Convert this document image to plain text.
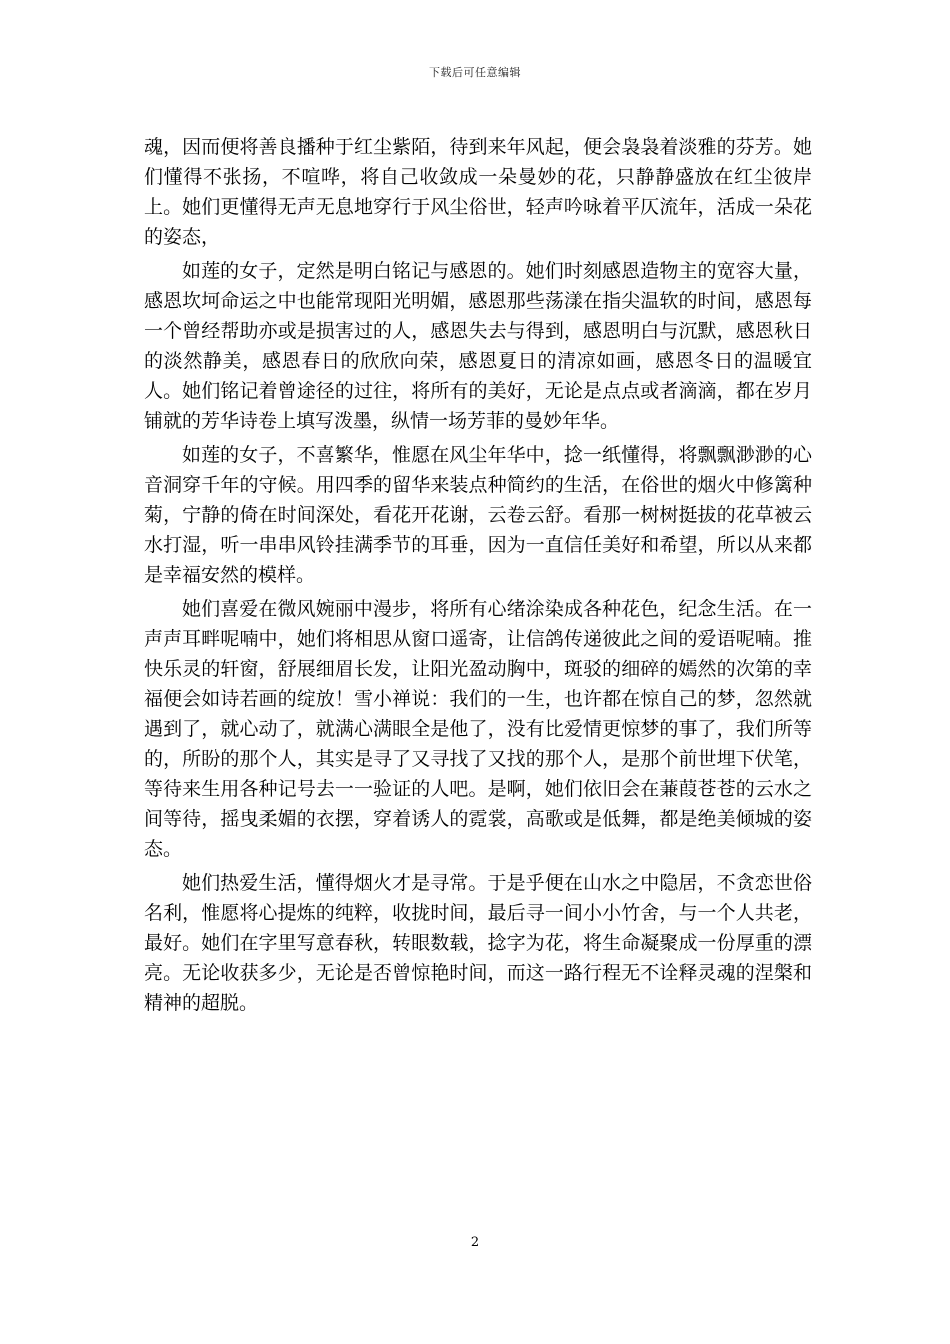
下载后可任意编辑

魂，因而便将善良播种于红尘紫陌，待到来年风起，便会袅袅着淡雅的芬芳。她们懂得不张扬，不喧哗，将自己收敛成一朵曼妙的花，只静静盛放在红尘彼岸上。她们更懂得无声无息地穿行于风尘俗世，轻声吟咏着平仄流年，活成一朵花的姿态，

如莲的女子，定然是明白铭记与感恩的。她们时刻感恩造物主的宽容大量，感恩坎坷命运之中也能常现阳光明媚，感恩那些荡漾在指尖温软的时间，感恩每一个曾经帮助亦或是损害过的人，感恩失去与得到，感恩明白与沉默，感恩秋日的淡然静美，感恩春日的欣欣向荣，感恩夏日的清凉如画，感恩冬日的温暖宜人。她们铭记着曾途径的过往，将所有的美好，无论是点点或者滴滴，都在岁月铺就的芳华诗卷上填写泼墨，纵情一场芳菲的曼妙年华。

如莲的女子，不喜繁华，惟愿在风尘年华中，捻一纸懂得，将飘飘渺渺的心音洞穿千年的守候。用四季的留华来装点种简约的生活，在俗世的烟火中修篱种菊，宁静的倚在时间深处，看花开花谢，云卷云舒。看那一树树挺拔的花草被云水打湿，听一串串风铃挂满季节的耳垂，因为一直信任美好和希望，所以从来都是幸福安然的模样。

她们喜爱在微风婉丽中漫步，将所有心绪涂染成各种花色，纪念生活。在一声声耳畔呢喃中，她们将相思从窗口遥寄，让信鸽传递彼此之间的爱语呢喃。推快乐灵的轩窗，舒展细眉长发，让阳光盈动胸中，斑驳的细碎的嫣然的次第的幸福便会如诗若画的绽放！雪小禅说：我们的一生，也许都在惊自己的梦，忽然就遇到了，就心动了，就满心满眼全是他了，没有比爱情更惊梦的事了，我们所等的，所盼的那个人，其实是寻了又寻找了又找的那个人，是那个前世埋下伏笔，等待来生用各种记号去一一验证的人吧。是啊，她们依旧会在蒹葭苍苍的云水之间等待，摇曳柔媚的衣摆，穿着诱人的霓裳，高歌或是低舞，都是绝美倾城的姿态。

她们热爱生活，懂得烟火才是寻常。于是乎便在山水之中隐居，不贪恋世俗名利，惟愿将心提炼的纯粹，收拢时间，最后寻一间小小竹舍，与一个人共老，最好。她们在字里写意春秋，转眼数载，捻字为花，将生命凝聚成一份厚重的漂亮。无论收获多少，无论是否曾惊艳时间，而这一路行程无不诠释灵魂的涅槃和精神的超脱。

2
